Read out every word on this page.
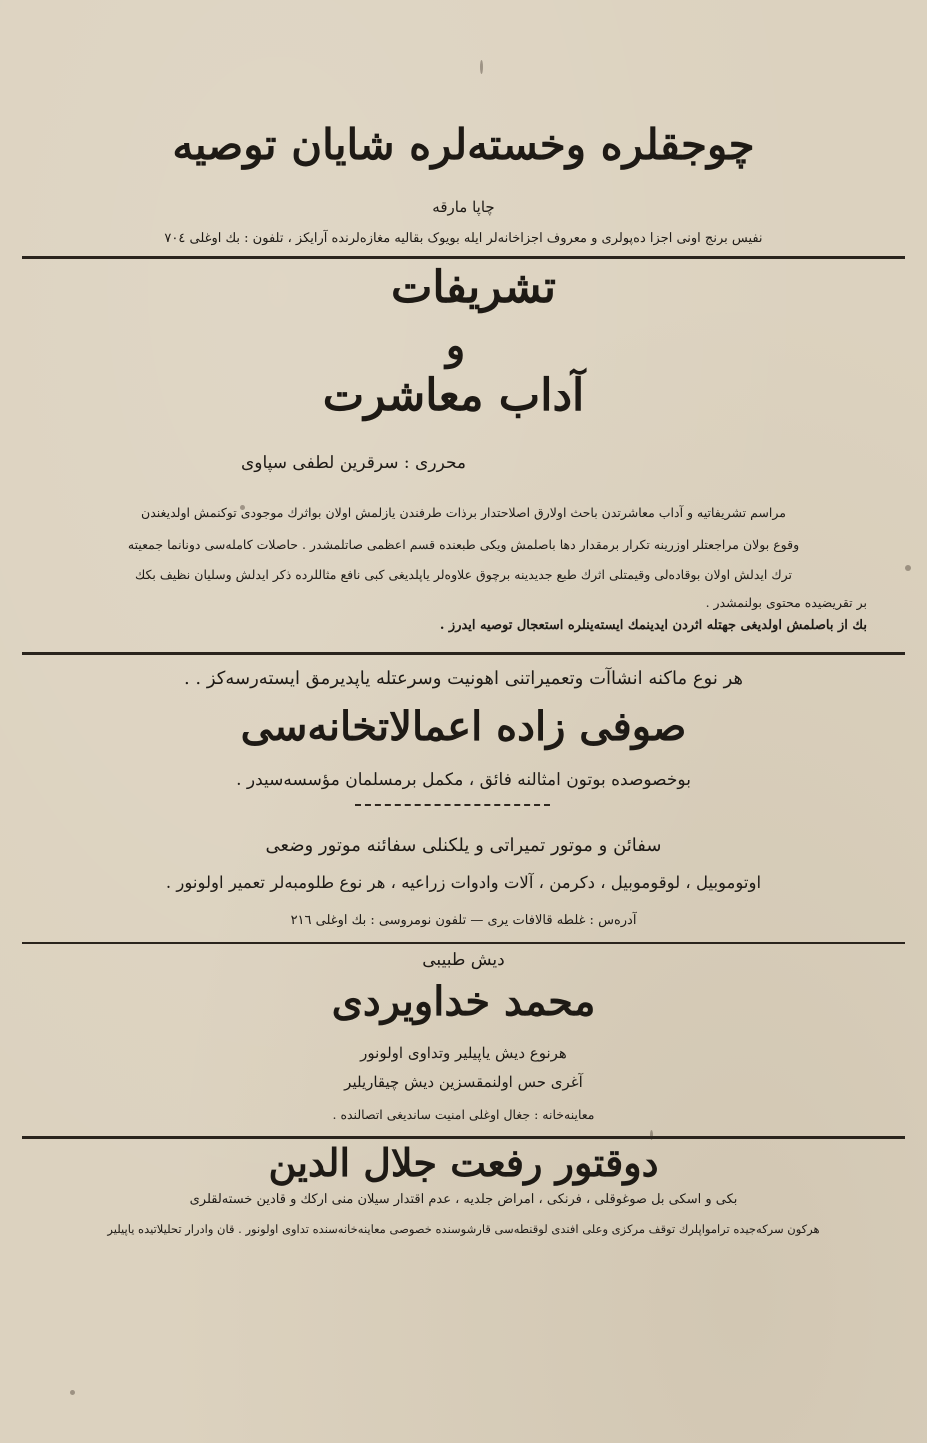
چوجقلره وخسته‌لره شایان توصیه
چاپا مارقه
نفیس برنج اونی اجزا دەپولری و معروف اجزاخانەلر ایلە بویوک بقالیە مغازەلرندە آرایکز ، تلفون : بك اوغلی ٧٠٤
تشریفات
و
آداب معاشرت
محرری : سرقرین لطفی سپاوی
مراسم تشریفاتیه و آداب معاشرتدن باحث اولارق اصلاحتدار برذات طرفندن یازلمش اولان بواثرك موجودی توكنمش اولدیغندن
وقوع بولان مراجعتلر اوزرینه تکرار برمقدار دها باصلمش ویکی طبعنده قسم اعظمی صاتلمشدر . حاصلات کاملەسی دونانما جمعیته
ترك ایدلش اولان بوقادەلی وقیمتلی اثرك طبع جدیدینه برچوق علاوەلر یاپلدیغی کبی نافع مثاللرده ذکر ایدلش وسلیان نظیف بکك
بر تقریضیده محتوی بولنمشدر .
بك از باصلمش اولدیغی جهتله اثردن ایدینمك ایسته‌ینلره استعجال توصیه ایدرز .
هر نوع ماکنه انشاآت وتعمیراتنی اهونیت وسرعتله یاپدیرمق ایسته‌رسه‌کز . .
صوفی زاده اعمالاتخانه‌سی
بوخصوصده بوتون امثالنه فائق ، مکمل برمسلمان مؤسسه‌سیدر .
سفائن و موتور تمیراتی و یلکنلی سفائنه موتور وضعی
اوتوموبیل ، لوقوموبیل ، دکرمن ، آلات وادوات زراعیه ، هر نوع طلومبەلر تعمیر اولونور .
آدرەس : غلطه قالافات یری — تلفون نومروسی : بك اوغلی ٢١٦
دیش طبیبی
محمد خداویردی
هرنوع دیش یاپیلیر وتداوی اولونور
آغری حس اولنمقسزین دیش چیقاریلیر
معاینه‌خانه : جغال اوغلی امنیت ساندیغی اتصالنده .
دوقتور رفعت جلال الدین
بکی و اسکی بل صوغوقلی ، فرنکی ، امراض جلدیه ، عدم اقتدار سیلان منی ارکك و قادین خسته‌لقلری
هرکون سرکه‌جیده ترامواپلرك توقف مرکزی وعلی افندی لوقنطه‌سی قارشوسنده خصوصی معاینه‌خانه‌سنده تداوی اولونور . قان وادرار تحلیلاتیده یاپیلیر
